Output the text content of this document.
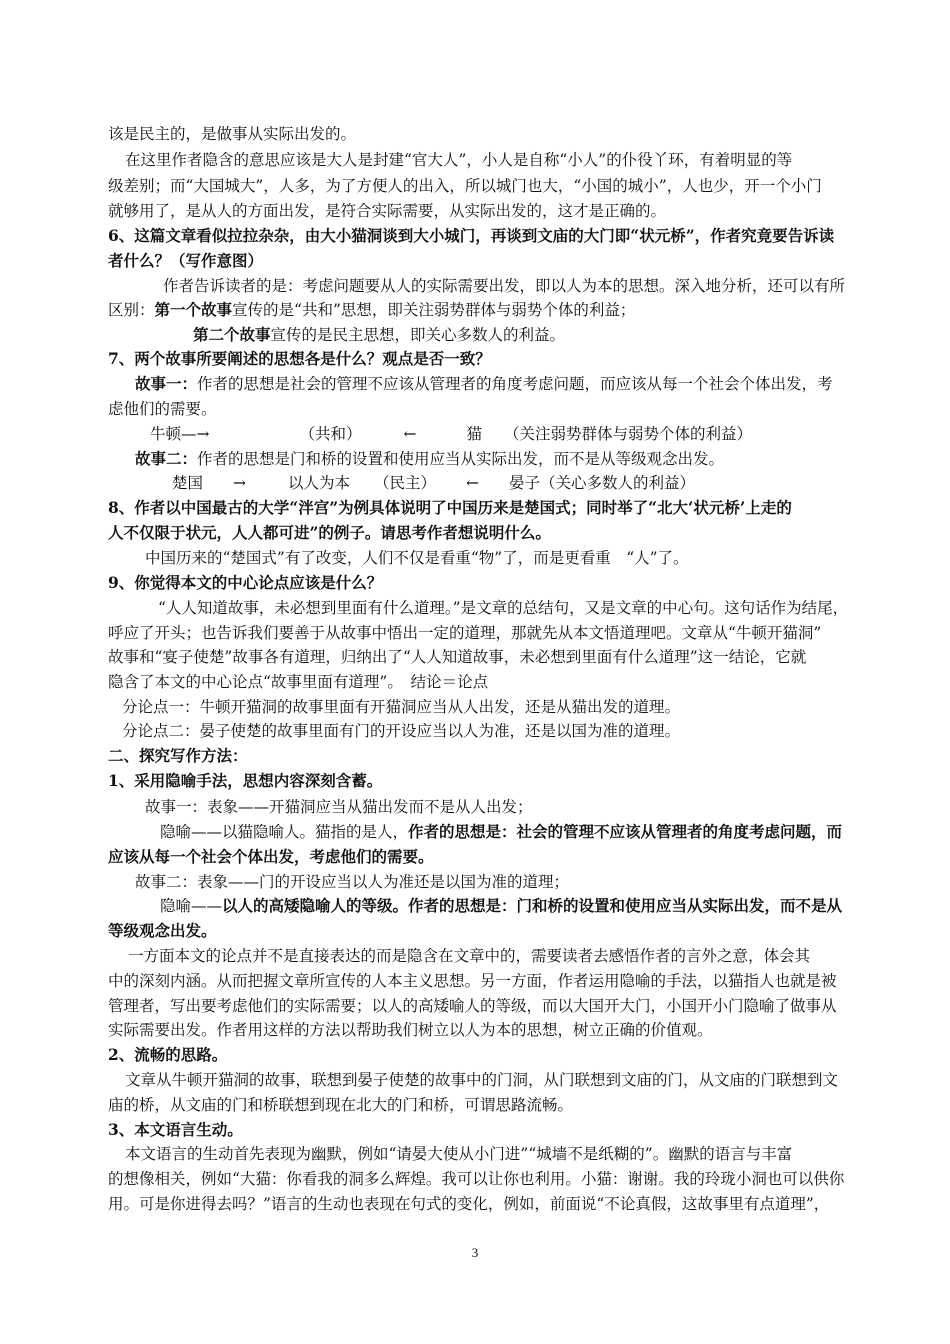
该是民主的，是做事从实际出发的。
在这里作者隐含的意思应该是大人是封建“官大人”，小人是自称“小人”的仆役丫环，有着明显的等
级差别；而“大国城大”，人多，为了方便人的出入，所以城门也大，“小国的城小”，人也少，开一个小门
就够用了，是从人的方面出发，是符合实际需要，从实际出发的，这才是正确的。
6、这篇文章看似拉拉杂杂，由大小猫洞谈到大小城门，再谈到文庙的大门即“状元桥”，作者究竟要告诉读
者什么？（写作意图）
作者告诉读者的是：考虑问题要从人的实际需要出发，即以人为本的思想。深入地分析，还可以有所
区别：第一个故事宣传的是“共和”思想，即关注弱势群体与弱势个体的利益；
第二个故事宣传的是民主思想，即关心多数人的利益。
7、两个故事所要阐述的思想各是什么？观点是否一致？
故事一：作者的思想是社会的管理不应该从管理者的角度考虑问题，而应该从每一个社会个体出发，考
虑他们的需要。
牛顿—→	（共和）	←	猫 （关注弱势群体与弱势个体的利益）
故事二：作者的思想是门和桥的设置和使用应当从实际出发，而不是从等级观念出发。
楚国 →	以人为本 （民主） ← 晏子（关心多数人的利益）
8、作者以中国最古的大学“泮宫”为例具体说明了中国历来是楚国式；同时举了“北大‘状元桥’上走的
人不仅限于状元，人人都可进”的例子。请思考作者想说明什么。
中国历来的“楚国式”有了改变，人们不仅是看重“物”了，而是更看重　“人”了。
9、你觉得本文的中心论点应该是什么？
“人人知道故事，未必想到里面有什么道理。”是文章的总结句，又是文章的中心句。这句话作为结尾，
呼应了开头；也告诉我们要善于从故事中悟出一定的道理，那就先从本文悟道理吧。文章从“牛顿开猫洞”
故事和“宴子使楚”故事各有道理，归纳出了“人人知道故事，未必想到里面有什么道理”这一结论，它就
隐含了本文的中心论点“故事里面有道理”。　结论＝论点
分论点一：牛顿开猫洞的故事里面有开猫洞应当从人出发，还是从猫出发的道理。
分论点二：晏子使楚的故事里面有门的开设应当以人为准，还是以国为准的道理。
二、探究写作方法：
1、采用隐喻手法，思想内容深刻含蓄。
故事一：表象——开猫洞应当从猫出发而不是从人出发；
隐喻——以猫隐喻人。猫指的是人，作者的思想是：社会的管理不应该从管理者的角度考虑问题，而
应该从每一个社会个体出发，考虑他们的需要。
故事二：表象——门的开设应当以人为准还是以国为准的道理；
隐喻——以人的高矮隐喻人的等级。作者的思想是：门和桥的设置和使用应当从实际出发，而不是从
等级观念出发。
一方面本文的论点并不是直接表达的而是隐含在文章中的，需要读者去感悟作者的言外之意，体会其
中的深刻内涵。从而把握文章所宣传的人本主义思想。另一方面，作者运用隐喻的手法，以猫指人也就是被
管理者，写出要考虑他们的实际需要；以人的高矮喻人的等级，而以大国开大门，小国开小门隐喻了做事从
实际需要出发。作者用这样的方法以帮助我们树立以人为本的思想，树立正确的价值观。
2、流畅的思路。
文章从牛顿开猫洞的故事，联想到晏子使楚的故事中的门洞，从门联想到文庙的门，从文庙的门联想到文
庙的桥，从文庙的门和桥联想到现在北大的门和桥，可谓思路流畅。
3、本文语言生动。
本文语言的生动首先表现为幽默，例如“请晏大使从小门进”“城墙不是纸糊的”。幽默的语言与丰富
的想像相关，例如“大猫：你看我的洞多么辉煌。我可以让你也利用。小猫：谢谢。我的玲珑小洞也可以供你
用。可是你进得去吗？”语言的生动也表现在句式的变化，例如，前面说“不论真假，这故事里有点道理”，
3
